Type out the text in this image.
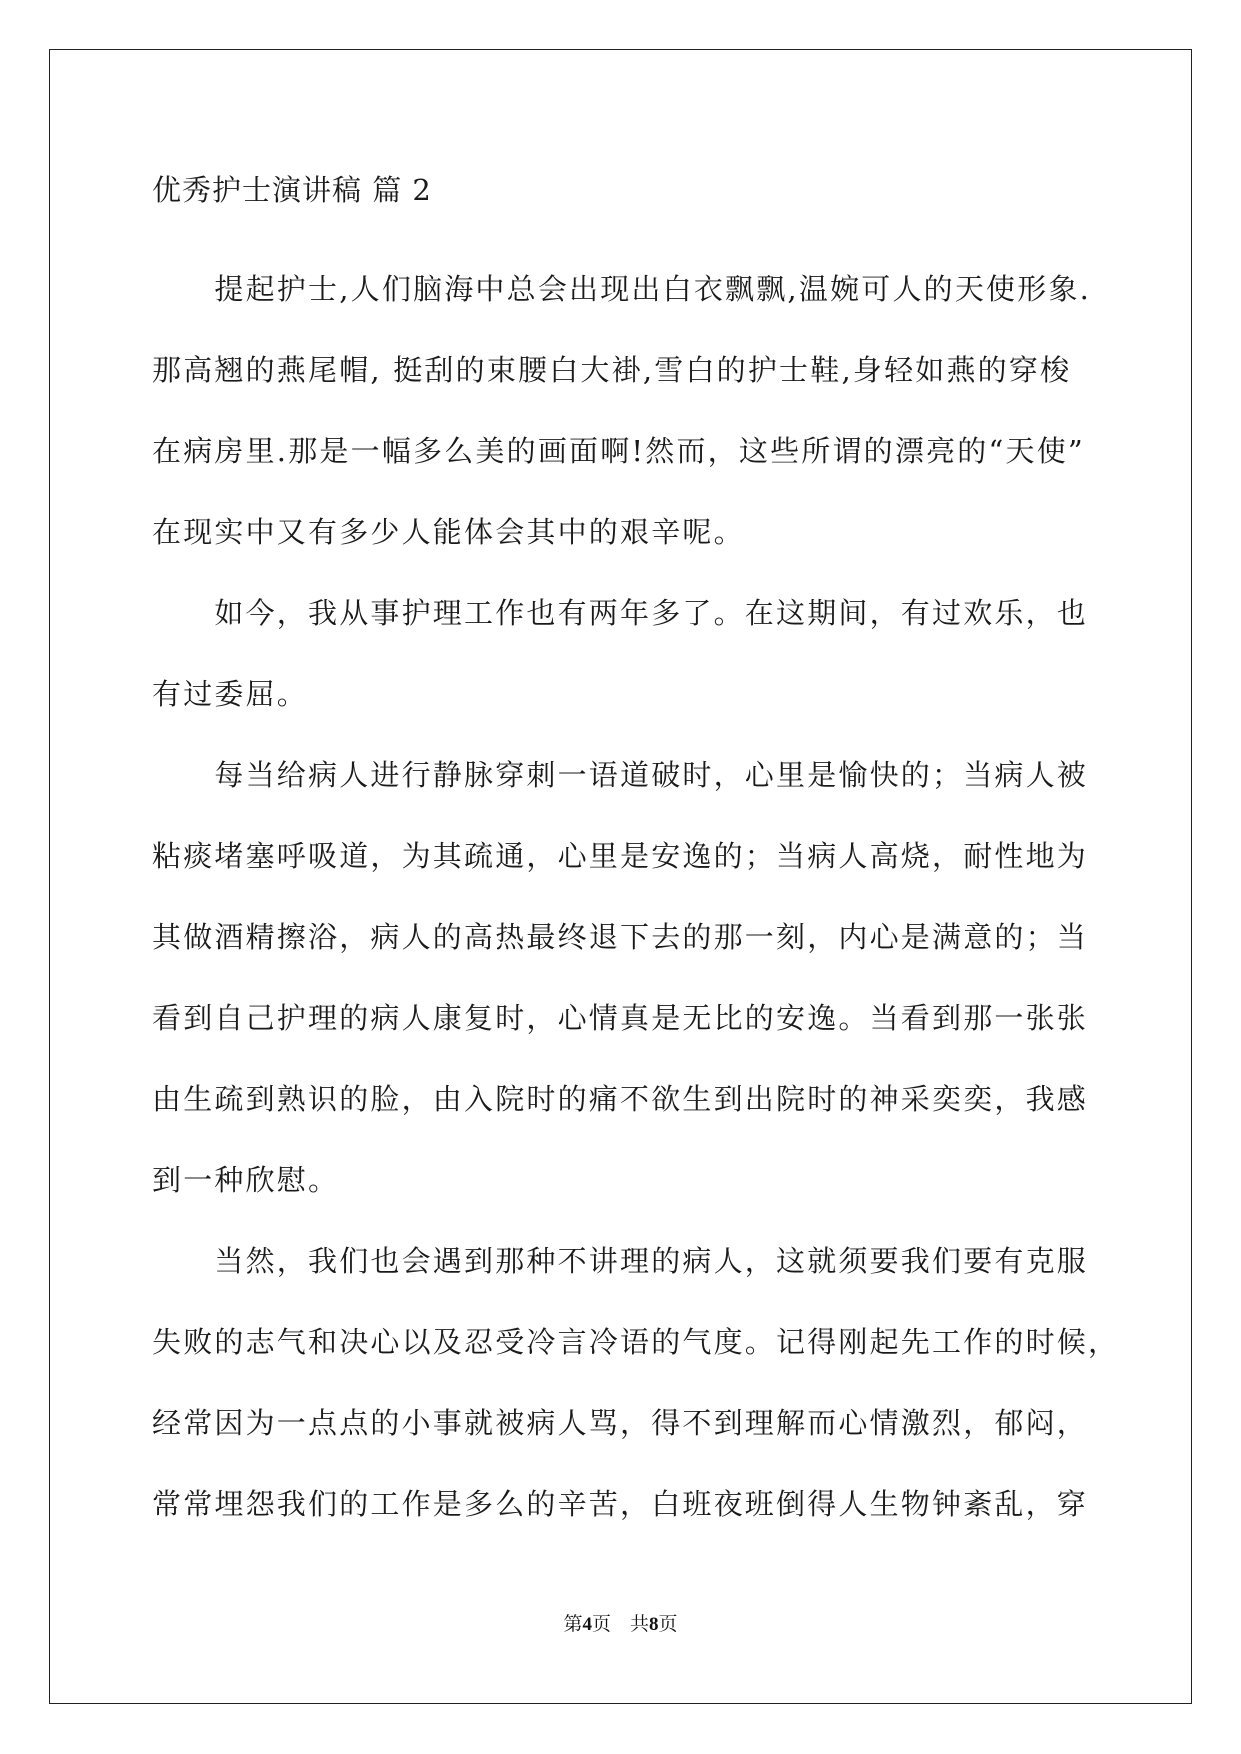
优秀护士演讲稿 篇 2
　　提起护士,人们脑海中总会出现出白衣飘飘,温婉可人的天使形象.
那高翘的燕尾帽, 挺刮的束腰白大褂,雪白的护士鞋,身轻如燕的穿梭
在病房里.那是一幅多么美的画面啊!然而，这些所谓的漂亮的“天使”
在现实中又有多少人能体会其中的艰辛呢。
　　如今，我从事护理工作也有两年多了。在这期间，有过欢乐，也
有过委屈。
　　每当给病人进行静脉穿刺一语道破时，心里是愉快的；当病人被
粘痰堵塞呼吸道，为其疏通，心里是安逸的；当病人高烧，耐性地为
其做酒精擦浴，病人的高热最终退下去的那一刻，内心是满意的；当
看到自己护理的病人康复时，心情真是无比的安逸。当看到那一张张
由生疏到熟识的脸，由入院时的痛不欲生到出院时的神采奕奕，我感
到一种欣慰。
　　当然，我们也会遇到那种不讲理的病人，这就须要我们要有克服
失败的志气和决心以及忍受冷言冷语的气度。记得刚起先工作的时候，
经常因为一点点的小事就被病人骂，得不到理解而心情激烈，郁闷，
常常埋怨我们的工作是多么的辛苦，白班夜班倒得人生物钟紊乱，穿
第4页　共8页
